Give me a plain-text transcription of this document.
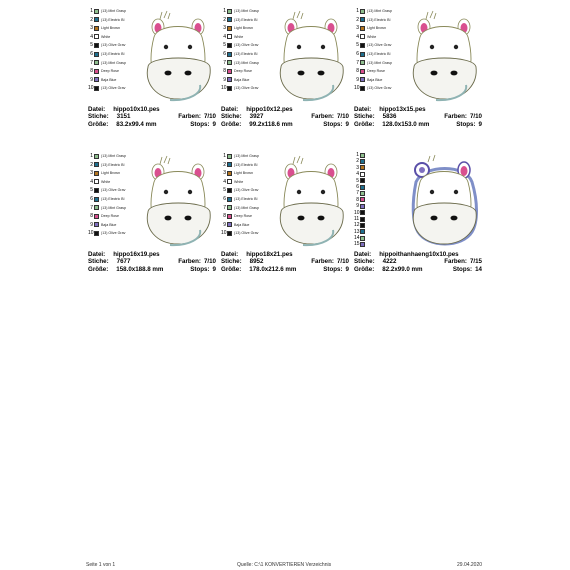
1 (13) Mint Grasp
2 (13) Electric Bl
3 Light Brown
4 White
5 (13) Olive Grav
6 (13) Electric Bl
7 (13) Mint Grasp
8 Deep Rose
9 Baja Blue
10 (13) Olive Grav
Datei: hippo10x10.pes
Stiche: 3151	Farben: 7/10
Größe: 83.2x99.4 mm	Stops: 9
1 (13) Mint Grasp
2 (13) Electric Bl
3 Light Brown
4 White
5 (13) Olive Grav
6 (13) Electric Bl
7 (13) Mint Grasp
8 Deep Rose
9 Baja Blue
10 (13) Olive Grav
Datei: hippo10x12.pes
Stiche: 3927	Farben: 7/10
Größe: 99.2x118.6 mm	Stops: 9
1 (13) Mint Grasp
2 (13) Electric Bl
3 Light Brown
4 White
5 (13) Olive Grav
6 (13) Electric Bl
7 (13) Mint Grasp
8 Deep Rose
9 Baja Blue
10 (13) Olive Grav
Datei: hippo13x15.pes
Stiche: 5836	Farben: 7/10
Größe: 128.0x153.0 mm	Stops: 9
1 (13) Mint Grasp
2 (13) Electric Bl
3 Light Brown
4 White
5 (13) Olive Grav
6 (13) Electric Bl
7 (13) Mint Grasp
8 Deep Rose
9 Baja Blue
10 (13) Olive Grav
Datei: hippo16x19.pes
Stiche: 7677	Farben: 7/10
Größe: 158.0x188.8 mm	Stops: 9
1 (13) Mint Grasp
2 (13) Electric Bl
3 Light Brown
4 White
5 (13) Olive Grav
6 (13) Electric Bl
7 (13) Mint Grasp
8 Deep Rose
9 Baja Blue
10 (13) Olive Grav
Datei: hippo18x21.pes
Stiche: 8952	Farben: 7/10
Größe: 178.0x212.6 mm	Stops: 9
1
2
3
4
5
6
7
8
9
10
11
12
13
14
15
Datei: hippoithanhaeng10x10.pes
Stiche: 4222	Farben: 7/15
Größe: 82.2x99.0 mm	Stops: 14
Seite 1 von 1	Quelle: C:\1 KONVERTIEREN Verzeichnis	29.04.2020
